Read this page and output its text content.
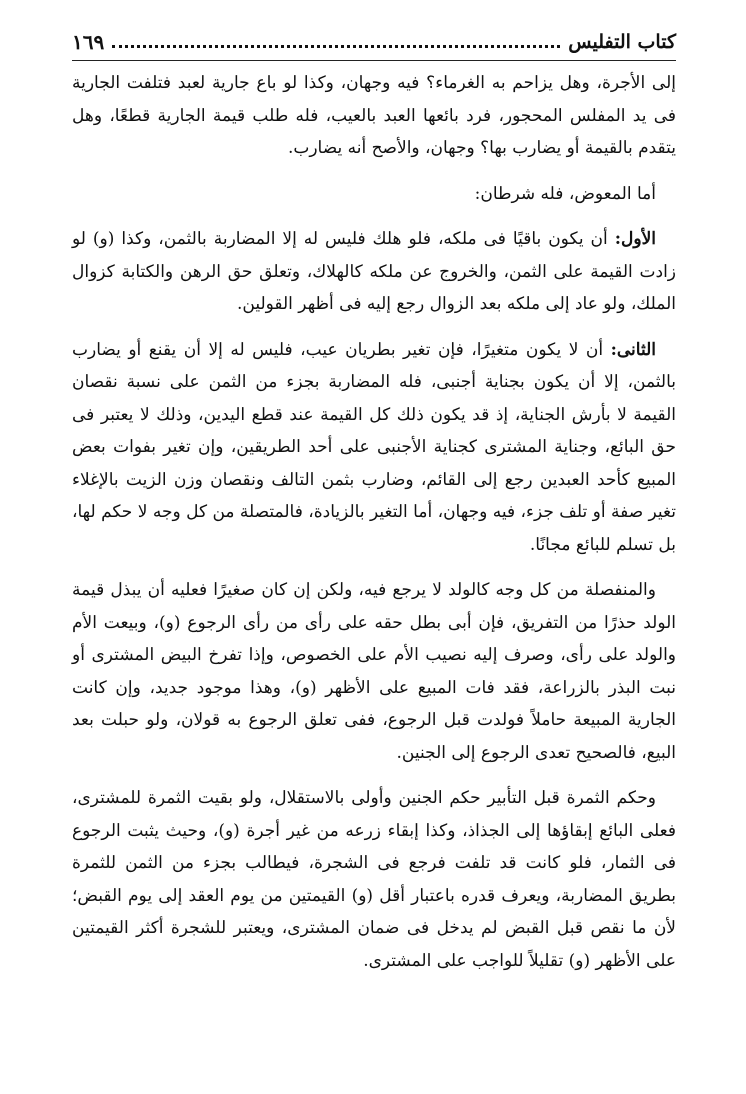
كتاب التفليس
١٦٩

إلى الأجرة، وهل يزاحم به الغرماء؟ فيه وجهان، وكذا لو باع جارية لعبد فتلفت الجارية فى يد المفلس المحجور، فرد بائعها العبد بالعيب، فله طلب قيمة الجارية قطعًا، وهل يتقدم بالقيمة أو يضارب بها؟ وجهان، والأصح أنه يضارب.

أما المعوض، فله شرطان:

الأول: أن يكون باقيًا فى ملكه، فلو هلك فليس له إلا المضاربة بالثمن، وكذا (و) لو زادت القيمة على الثمن، والخروج عن ملكه كالهلاك، وتعلق حق الرهن والكتابة كزوال الملك، ولو عاد إلى ملكه بعد الزوال رجع إليه فى أظهر القولين.

الثانى: أن لا يكون متغيرًا، فإن تغير بطريان عيب، فليس له إلا أن يقنع أو يضارب بالثمن، إلا أن يكون بجناية أجنبى، فله المضاربة بجزء من الثمن على نسبة نقصان القيمة لا بأرش الجناية، إذ قد يكون ذلك كل القيمة عند قطع اليدين، وذلك لا يعتبر فى حق البائع، وجناية المشترى كجناية الأجنبى على أحد الطريقين، وإن تغير بفوات بعض المبيع كأحد العبدين رجع إلى القائم، وضارب بثمن التالف ونقصان وزن الزيت بالإغلاء تغير صفة أو تلف جزء، فيه وجهان، أما التغير بالزيادة، فالمتصلة من كل وجه لا حكم لها، بل تسلم للبائع مجانًا.

والمنفصلة من كل وجه كالولد لا يرجع فيه، ولكن إن كان صغيرًا فعليه أن يبذل قيمة الولد حذرًا من التفريق، فإن أبى بطل حقه على رأى من رأى الرجوع (و)، وبيعت الأم والولد على رأى، وصرف إليه نصيب الأم على الخصوص، وإذا تفرخ البيض المشترى أو نبت البذر بالزراعة، فقد فات المبيع على الأظهر (و)، وهذا موجود جديد، وإن كانت الجارية المبيعة حاملاً فولدت قبل الرجوع، ففى تعلق الرجوع به قولان، ولو حبلت بعد البيع، فالصحيح تعدى الرجوع إلى الجنين.

وحكم الثمرة قبل التأبير حكم الجنين وأولى بالاستقلال، ولو بقيت الثمرة للمشترى، فعلى البائع إبقاؤها إلى الجذاذ، وكذا إبقاء زرعه من غير أجرة (و)، وحيث يثبت الرجوع فى الثمار، فلو كانت قد تلفت فرجع فى الشجرة، فيطالب بجزء من الثمن للثمرة بطريق المضاربة، ويعرف قدره باعتبار أقل (و) القيمتين من يوم العقد إلى يوم القبض؛ لأن ما نقص قبل القبض لم يدخل فى ضمان المشترى، ويعتبر للشجرة أكثر القيمتين على الأظهر (و) تقليلاً للواجب على المشترى.
